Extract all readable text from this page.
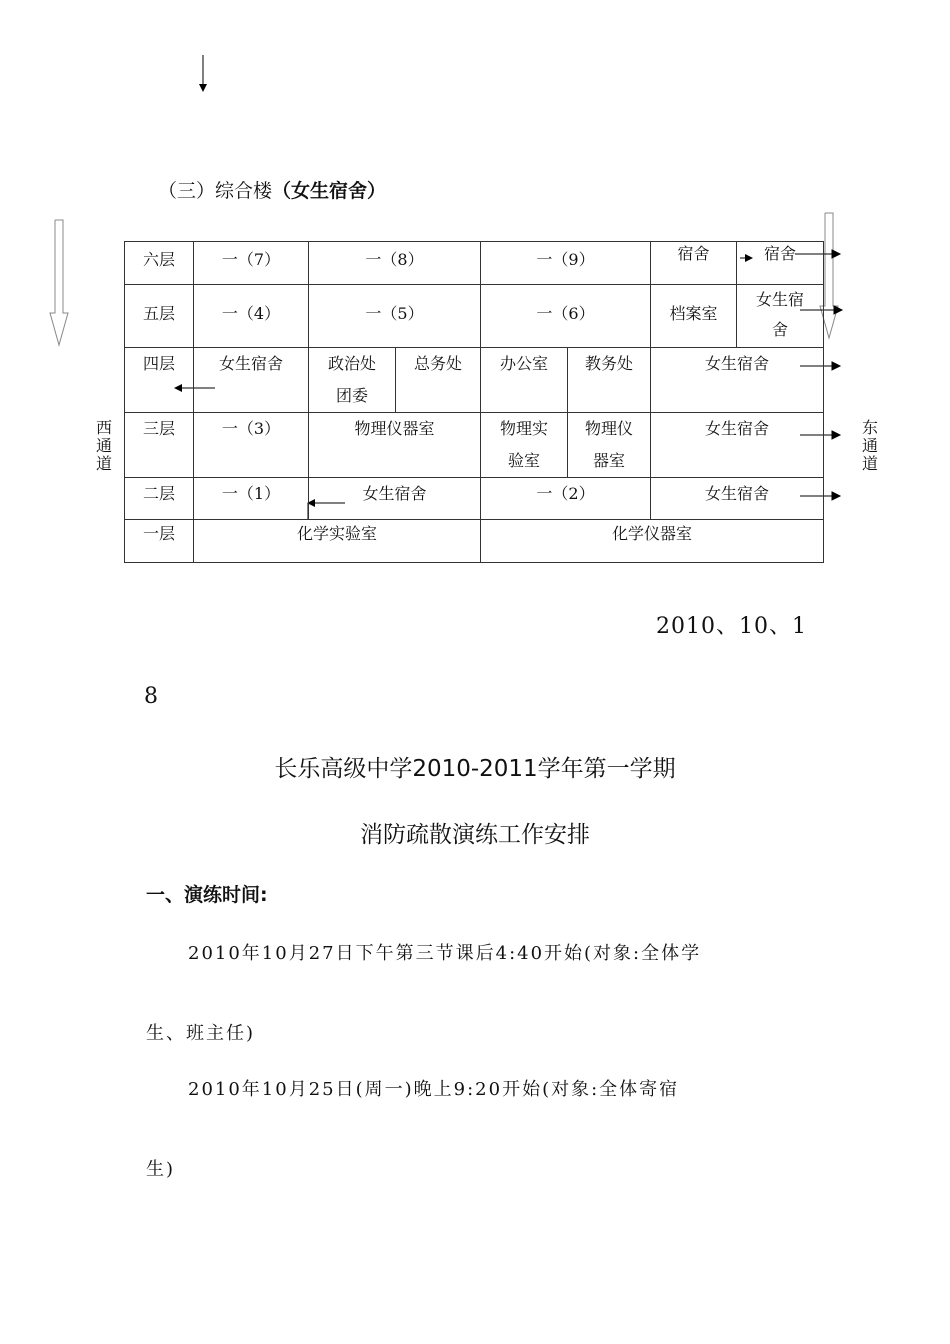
（三）综合楼（女生宿舍）
六层	一（7）	一（8）		一（9）		宿舍	宿舍
五层	一（4）	一（5）		一（6）		档案室	女生宿舍
四层	女生宿舍	政治处团委	总务处	办公室	教务处	女生宿舍	
三层	一（3）	物理仪器室		物理实验室	物理仪器室	女生宿舍	
二层	一（1）	女生宿舍		一（2）		女生宿舍	
一层	化学实验室			化学仪器室			
西
通
道
东
通
道
2010、10、1
8
长乐高级中学2010-2011学年第一学期
消防疏散演练工作安排
一、演练时间:
2010年10月27日下午第三节课后4:40开始(对象:全体学
生、班主任)
2010年10月25日(周一)晚上9:20开始(对象:全体寄宿
生)
